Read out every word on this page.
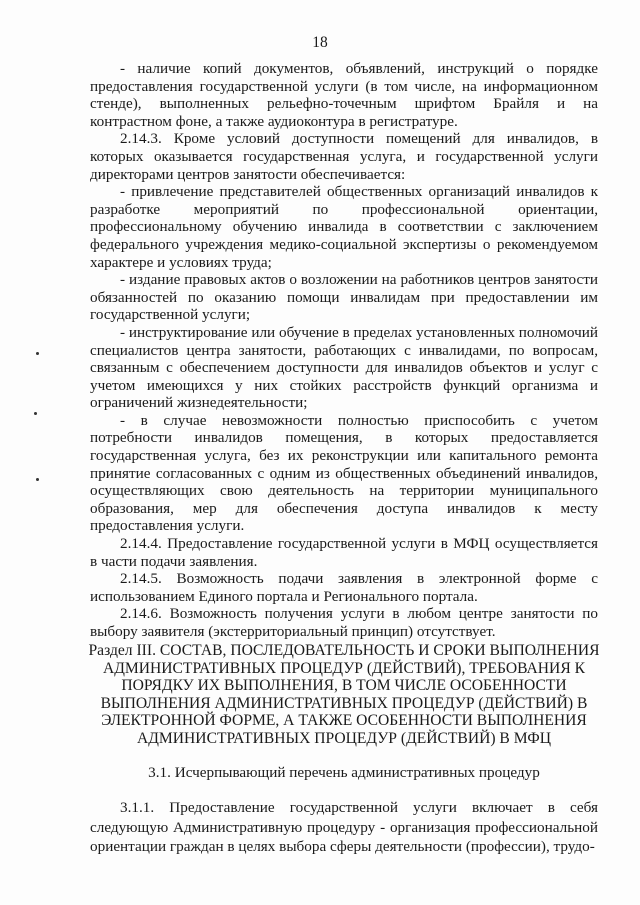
18

- наличие копий документов, объявлений, инструкций о порядке предоставления государственной услуги (в том числе, на информационном стенде), выполненных рельефно-точечным шрифтом Брайля и на контрастном фоне, а также аудиоконтура в регистратуре.

2.14.3. Кроме условий доступности помещений для инвалидов, в которых оказывается государственная услуга, и государственной услуги директорами центров занятости обеспечивается:

- привлечение представителей общественных организаций инвалидов к разработке мероприятий по профессиональной ориентации, профессиональному обучению инвалида в соответствии с заключением федерального учреждения медико-социальной экспертизы о рекомендуемом характере и условиях труда;

- издание правовых актов о возложении на работников центров занятости обязанностей по оказанию помощи инвалидам при предоставлении им государственной услуги;

- инструктирование или обучение в пределах установленных полномочий специалистов центра занятости, работающих с инвалидами, по вопросам, связанным с обеспечением доступности для инвалидов объектов и услуг с учетом имеющихся у них стойких расстройств функций организма и ограничений жизнедеятельности;

- в случае невозможности полностью приспособить с учетом потребности инвалидов помещения, в которых предоставляется государственная услуга, без их реконструкции или капитального ремонта принятие согласованных с одним из общественных объединений инвалидов, осуществляющих свою деятельность на территории муниципального образования, мер для обеспечения доступа инвалидов к месту предоставления услуги.

2.14.4. Предоставление государственной услуги в МФЦ осуществляется в части подачи заявления.

2.14.5. Возможность подачи заявления в электронной форме с использованием Единого портала и Регионального портала.

2.14.6. Возможность получения услуги в любом центре занятости по выбору заявителя (экстерриториальный принцип) отсутствует.

Раздел III. СОСТАВ, ПОСЛЕДОВАТЕЛЬНОСТЬ И СРОКИ ВЫПОЛНЕНИЯ АДМИНИСТРАТИВНЫХ ПРОЦЕДУР (ДЕЙСТВИЙ), ТРЕБОВАНИЯ К ПОРЯДКУ ИХ ВЫПОЛНЕНИЯ, В ТОМ ЧИСЛЕ ОСОБЕННОСТИ ВЫПОЛНЕНИЯ АДМИНИСТРАТИВНЫХ ПРОЦЕДУР (ДЕЙСТВИЙ) В ЭЛЕКТРОННОЙ ФОРМЕ, А ТАКЖЕ ОСОБЕННОСТИ ВЫПОЛНЕНИЯ АДМИНИСТРАТИВНЫХ ПРОЦЕДУР (ДЕЙСТВИЙ) В МФЦ
3.1. Исчерпывающий перечень административных процедур

3.1.1. Предоставление государственной услуги включает в себя следующую Административную процедуру - организация профессиональной ориентации граждан в целях выбора сферы деятельности (профессии), трудо-
